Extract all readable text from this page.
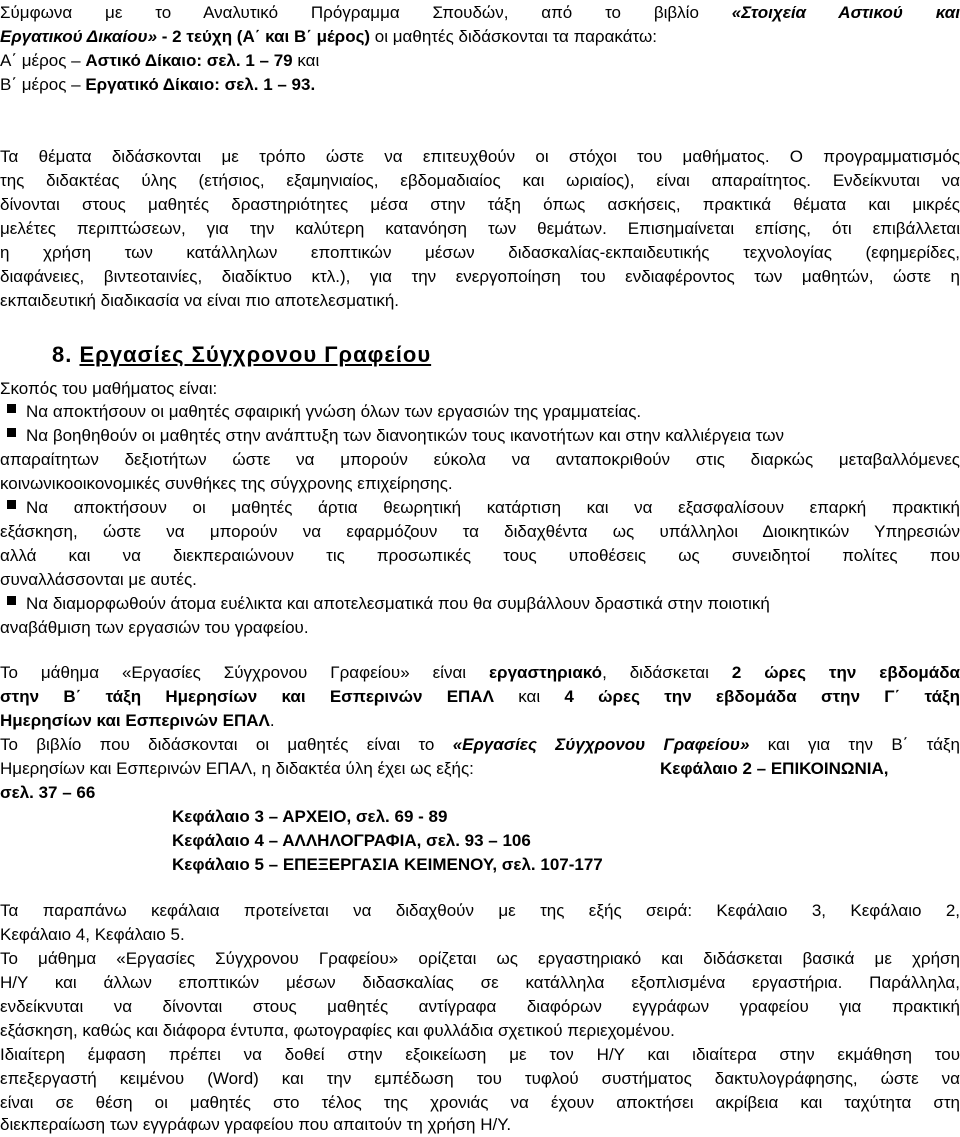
Σύμφωνα με το Αναλυτικό Πρόγραμμα Σπουδών, από το βιβλίο «Στοιχεία Αστικού και
Εργατικού Δικαίου» - 2 τεύχη (Α΄ και Β΄ μέρος) οι μαθητές διδάσκονται τα παρακάτω:
Α΄ μέρος – Αστικό Δίκαιο: σελ. 1 – 79 και
Β΄ μέρος – Εργατικό Δίκαιο: σελ. 1 – 93.
Τα θέματα διδάσκονται με τρόπο ώστε να επιτευχθούν οι στόχοι του μαθήματος. Ο προγραμματισμός
της διδακτέας ύλης (ετήσιος, εξαμηνιαίος, εβδομαδιαίος και ωριαίος), είναι απαραίτητος. Ενδείκνυται να
δίνονται στους μαθητές δραστηριότητες μέσα στην τάξη όπως ασκήσεις, πρακτικά θέματα και μικρές
μελέτες περιπτώσεων, για την καλύτερη κατανόηση των θεμάτων. Επισημαίνεται επίσης, ότι επιβάλλεται
η χρήση των κατάλληλων εποπτικών μέσων διδασκαλίας-εκπαιδευτικής τεχνολογίας (εφημερίδες,
διαφάνειες, βιντεοταινίες, διαδίκτυο κτλ.), για την ενεργοποίηση του ενδιαφέροντος των μαθητών, ώστε η
εκπαιδευτική διαδικασία να είναι πιο αποτελεσματική.
8. Εργασίες Σύγχρονου Γραφείου
Σκοπός του μαθήματος είναι:
Να αποκτήσουν οι μαθητές σφαιρική γνώση όλων των εργασιών της γραμματείας.
Να βοηθηθούν οι μαθητές στην ανάπτυξη των διανοητικών τους ικανοτήτων και στην καλλιέργεια των
απαραίτητων δεξιοτήτων ώστε να μπορούν εύκολα να ανταποκριθούν στις διαρκώς μεταβαλλόμενες
κοινωνικοοικονομικές συνθήκες της σύγχρονης επιχείρησης.
Να αποκτήσουν οι μαθητές άρτια θεωρητική κατάρτιση και να εξασφαλίσουν επαρκή πρακτική
εξάσκηση, ώστε να μπορούν να εφαρμόζουν τα διδαχθέντα ως υπάλληλοι Διοικητικών Υπηρεσιών
αλλά και να διεκπεραιώνουν τις προσωπικές τους υποθέσεις ως συνειδητοί πολίτες που
συναλλάσσονται με αυτές.
Να διαμορφωθούν άτομα ευέλικτα και αποτελεσματικά που θα συμβάλλουν δραστικά στην ποιοτική
αναβάθμιση των εργασιών του γραφείου.
Το μάθημα «Εργασίες Σύγχρονου Γραφείου» είναι εργαστηριακό, διδάσκεται 2 ώρες την εβδομάδα
στην Β΄ τάξη Ημερησίων και Εσπερινών ΕΠΑΛ και 4 ώρες την εβδομάδα στην Γ΄ τάξη
Ημερησίων και Εσπερινών ΕΠΑΛ.
Το βιβλίο που διδάσκονται οι μαθητές είναι το «Εργασίες Σύγχρονου Γραφείου» και για την Β΄ τάξη
Ημερησίων και Εσπερινών ΕΠΑΛ, η διδακτέα ύλη έχει ως εξής:	Κεφάλαιο 2 – ΕΠΙΚΟΙΝΩΝΙΑ,
σελ. 37 – 66
Κεφάλαιο 3 – ΑΡΧΕΙΟ, σελ. 69 - 89
Κεφάλαιο 4 – ΑΛΛΗΛΟΓΡΑΦΙΑ, σελ. 93 – 106
Κεφάλαιο 5 – ΕΠΕΞΕΡΓΑΣΙΑ ΚΕΙΜΕΝΟΥ, σελ. 107-177
Τα παραπάνω κεφάλαια προτείνεται να διδαχθούν με της εξής σειρά: Κεφάλαιο 3, Κεφάλαιο 2,
Κεφάλαιο 4, Κεφάλαιο 5.
Το μάθημα «Εργασίες Σύγχρονου Γραφείου» ορίζεται ως εργαστηριακό και διδάσκεται βασικά με χρήση
Η/Υ και άλλων εποπτικών μέσων διδασκαλίας σε κατάλληλα εξοπλισμένα εργαστήρια. Παράλληλα,
ενδείκνυται να δίνονται στους μαθητές αντίγραφα διαφόρων εγγράφων γραφείου για πρακτική
εξάσκηση, καθώς και διάφορα έντυπα, φωτογραφίες και φυλλάδια σχετικού περιεχομένου.
Ιδιαίτερη έμφαση πρέπει να δοθεί στην εξοικείωση με τον Η/Υ και ιδιαίτερα στην εκμάθηση του
επεξεργαστή κειμένου (Word) και την εμπέδωση του τυφλού συστήματος δακτυλογράφησης, ώστε να
είναι σε θέση οι μαθητές στο τέλος της χρονιάς να έχουν αποκτήσει ακρίβεια και ταχύτητα στη
διεκπεραίωση των εγγράφων γραφείου που απαιτούν τη χρήση Η/Υ.
